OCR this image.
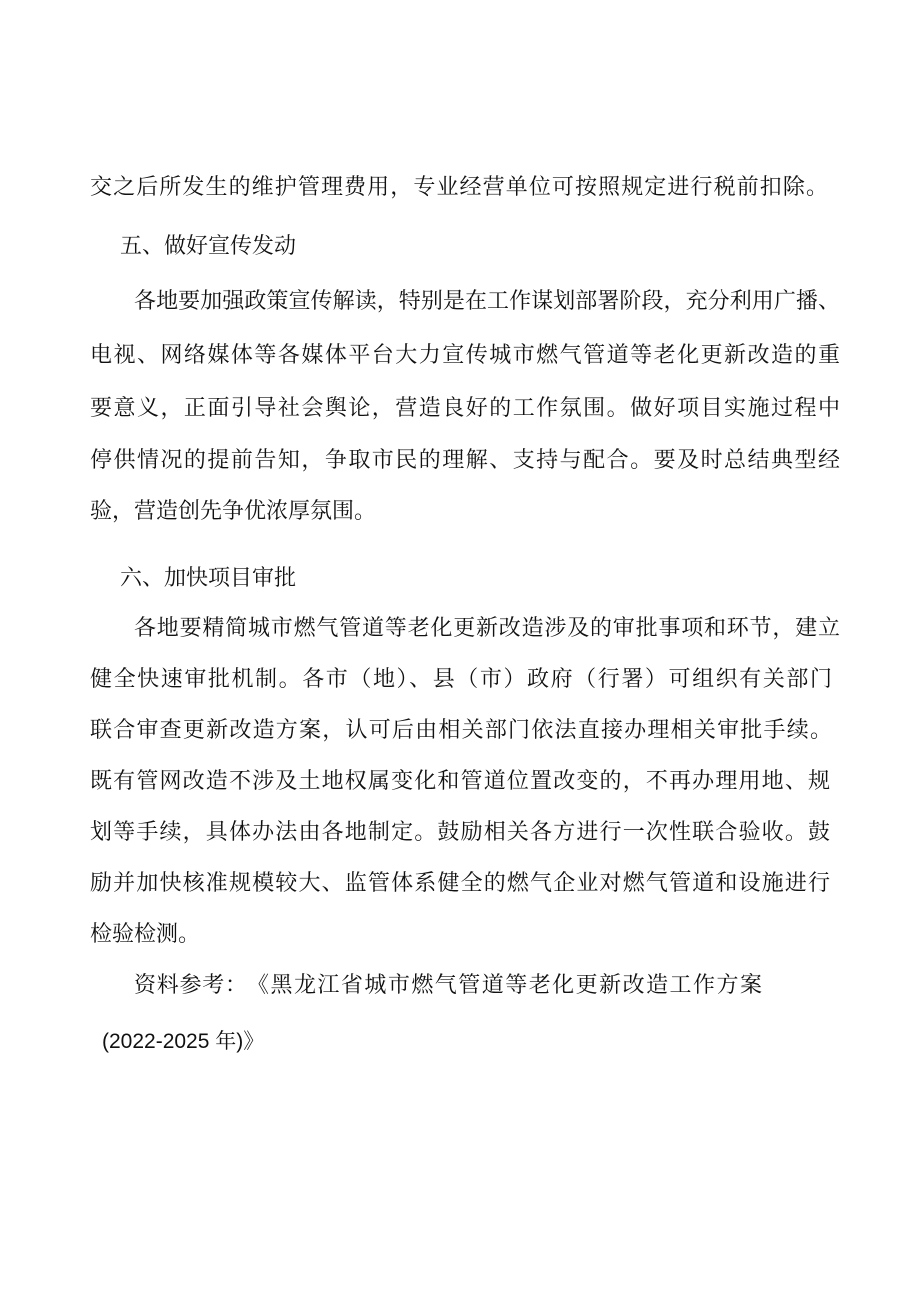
交之后所发生的维护管理费用，专业经营单位可按照规定进行税前扣除。
五、做好宣传发动
各地要加强政策宣传解读，特别是在工作谋划部署阶段，充分利用广播、
电视、网络媒体等各媒体平台大力宣传城市燃气管道等老化更新改造的重
要意义，正面引导社会舆论，营造良好的工作氛围。做好项目实施过程中
停供情况的提前告知，争取市民的理解、支持与配合。要及时总结典型经
验，营造创先争优浓厚氛围。
六、加快项目审批
各地要精简城市燃气管道等老化更新改造涉及的审批事项和环节，建立
健全快速审批机制。各市（地）、县（市）政府（行署）可组织有关部门
联合审查更新改造方案，认可后由相关部门依法直接办理相关审批手续。
既有管网改造不涉及土地权属变化和管道位置改变的，不再办理用地、规
划等手续，具体办法由各地制定。鼓励相关各方进行一次性联合验收。鼓
励并加快核准规模较大、监管体系健全的燃气企业对燃气管道和设施进行
检验检测。
资料参考： 《黑龙江省城市燃气管道等老化更新改造工作方案
(2022-2025 年)》
